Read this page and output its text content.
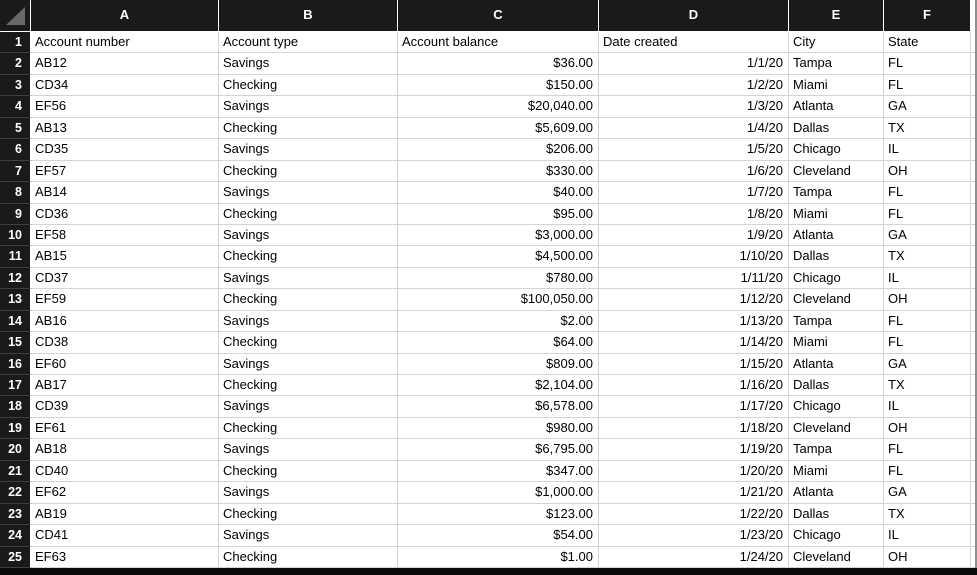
A	B	C	D	E	F
1	Account number	Account type	Account balance	Date created	City	State
2	AB12	Savings	$36.00	1/1/20 Tampa	FL
3	CD34	Checking	$150.00	1/2/20 Miami	FL
4	EF56	Savings	$20,040.00	1/3/20 Atlanta	GA
5	AB13	Checking	$5,609.00	1/4/20 Dallas	TX
6	CD35	Savings	$206.00	1/5/20 Chicago	IL
7	EF57	Checking	$330.00	1/6/20 Cleveland	OH
8	AB14	Savings	$40.00	1/7/20 Tampa	FL
9	CD36	Checking	$95.00	1/8/20 Miami	FL
10	EF58	Savings	$3,000.00	1/9/20 Atlanta	GA
11	AB15	Checking	$4,500.00	1/10/20 Dallas	TX
12	CD37	Savings	$780.00	1/11/20 Chicago	IL
13	EF59	Checking	$100,050.00	1/12/20 Cleveland	OH
14	AB16	Savings	$2.00	1/13/20 Tampa	FL
15	CD38	Checking	$64.00	1/14/20 Miami	FL
16	EF60	Savings	$809.00	1/15/20 Atlanta	GA
17	AB17	Checking	$2,104.00	1/16/20 Dallas	TX
18	CD39	Savings	$6,578.00	1/17/20 Chicago	IL
19	EF61	Checking	$980.00	1/18/20 Cleveland	OH
20	AB18	Savings	$6,795.00	1/19/20 Tampa	FL
21	CD40	Checking	$347.00	1/20/20 Miami	FL
22	EF62	Savings	$1,000.00	1/21/20 Atlanta	GA
23	AB19	Checking	$123.00	1/22/20 Dallas	TX
24	CD41	Savings	$54.00	1/23/20 Chicago	IL
25	EF63	Checking	$1.00	1/24/20 Cleveland	OH
